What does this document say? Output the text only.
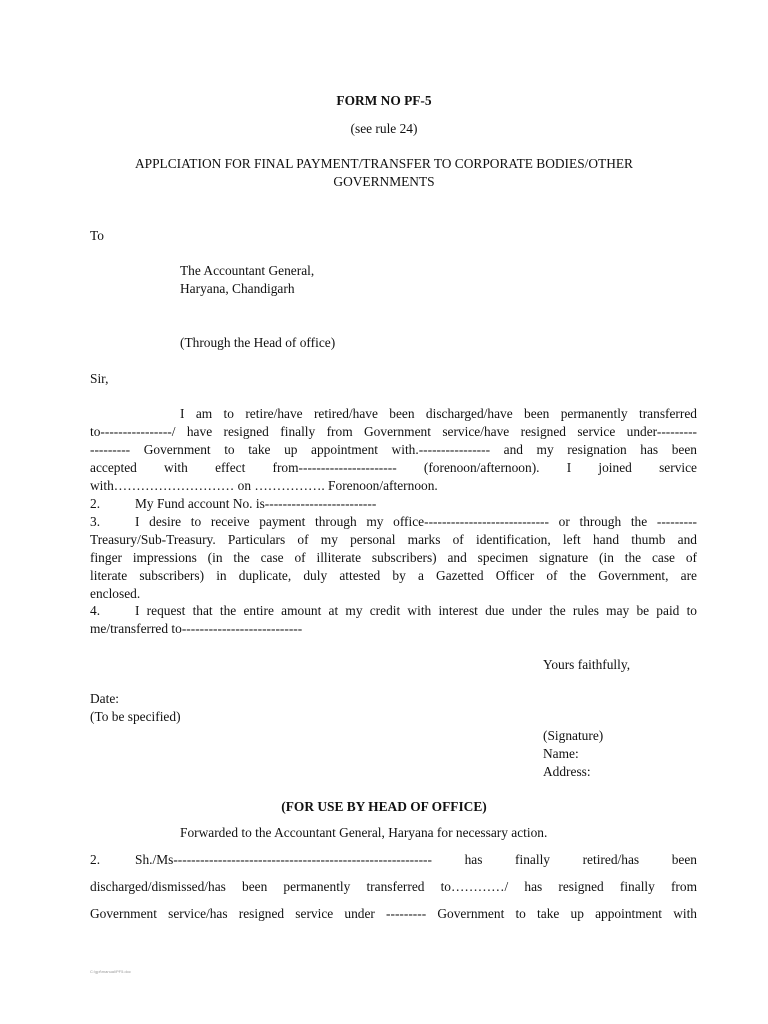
FORM NO PF-5
(see rule 24)
APPLCIATION FOR FINAL PAYMENT/TRANSFER TO CORPORATE BODIES/OTHER
GOVERNMENTS
To
The Accountant General,
Haryana, Chandigarh
(Through the Head of office)
Sir,
I am to retire/have retired/have been discharged/have been permanently transferred
to----------------/ have resigned finally from Government service/have resigned service under---------
--------- Government to take up appointment with.---------------- and my resignation has been
accepted with effect from---------------------- (forenoon/afternoon). I joined service
with……………………… on ……………. Forenoon/afternoon.
2.	My Fund account No. is-------------------------
3.	I desire to receive payment through my office---------------------------- or through the ---------
Treasury/Sub-Treasury. Particulars of my personal marks of identification, left hand thumb and
finger impressions (in the case of illiterate subscribers) and specimen signature (in the case of
literate subscribers) in duplicate, duly attested by a Gazetted Officer of the Government, are
enclosed.
4.	I request that the entire amount at my credit with interest due under the rules may be paid to
me/transferred to---------------------------
Yours faithfully,
Date:
(To be specified)
(Signature)
Name:
Address:
(FOR USE BY HEAD OF OFFICE)
Forwarded to the Accountant General, Haryana for necessary action.
2.	Sh./Ms---------------------------------------------------------- has finally retired/has been
discharged/dismissed/has been permanently transferred to…………/ has resigned finally from
Government service/has resigned service under --------- Government to take up appointment with
C:\gpf\manual\PF5.doc
